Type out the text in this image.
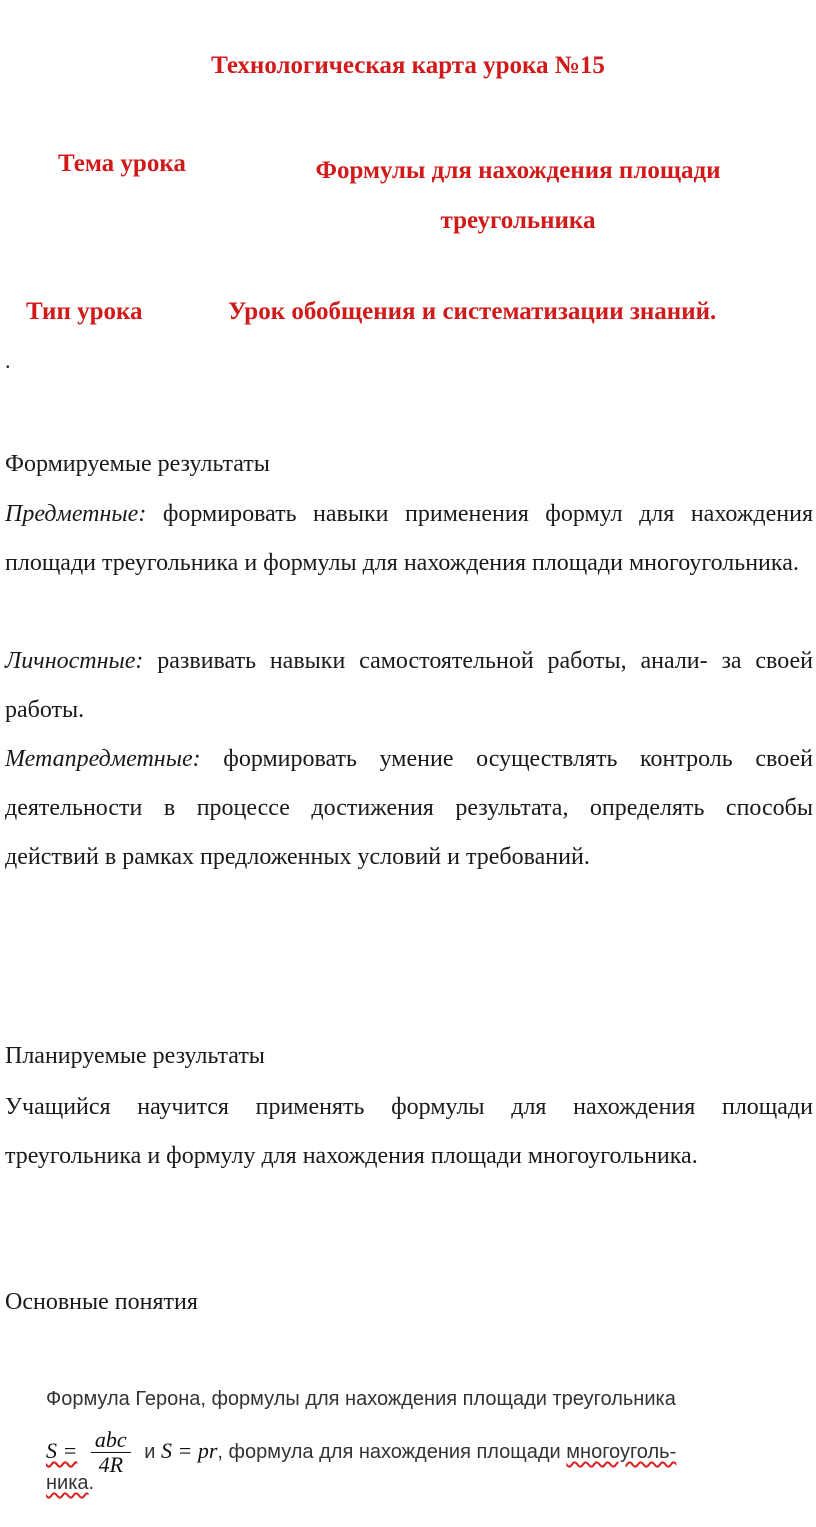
Технологическая карта урока №15
Тема урока	Формулы для нахождения площади
треугольника
Тип урока	Урок обобщения и систематизации знаний.
.
Формируемые результаты
Предметные: формировать навыки применения формул для нахождения площади треугольника и формулы для нахождения площади многоугольника.
Личностные: развивать навыки самостоятельной работы, анали- за своей работы.
Метапредметные: формировать умение осуществлять контроль своей деятельности в процессе достижения результата, определять способы действий в рамках предложенных условий и требований.
Планируемые результаты
Учащийся научится применять формулы для нахождения площади треугольника и формулу для нахождения площади многоугольника.
Основные понятия
Формула Герона, формулы для нахождения площади треугольника
$S = \frac{\text{abc}}{4R}$ и S = pr, формула для нахождения площади многоуголь-
ника.
